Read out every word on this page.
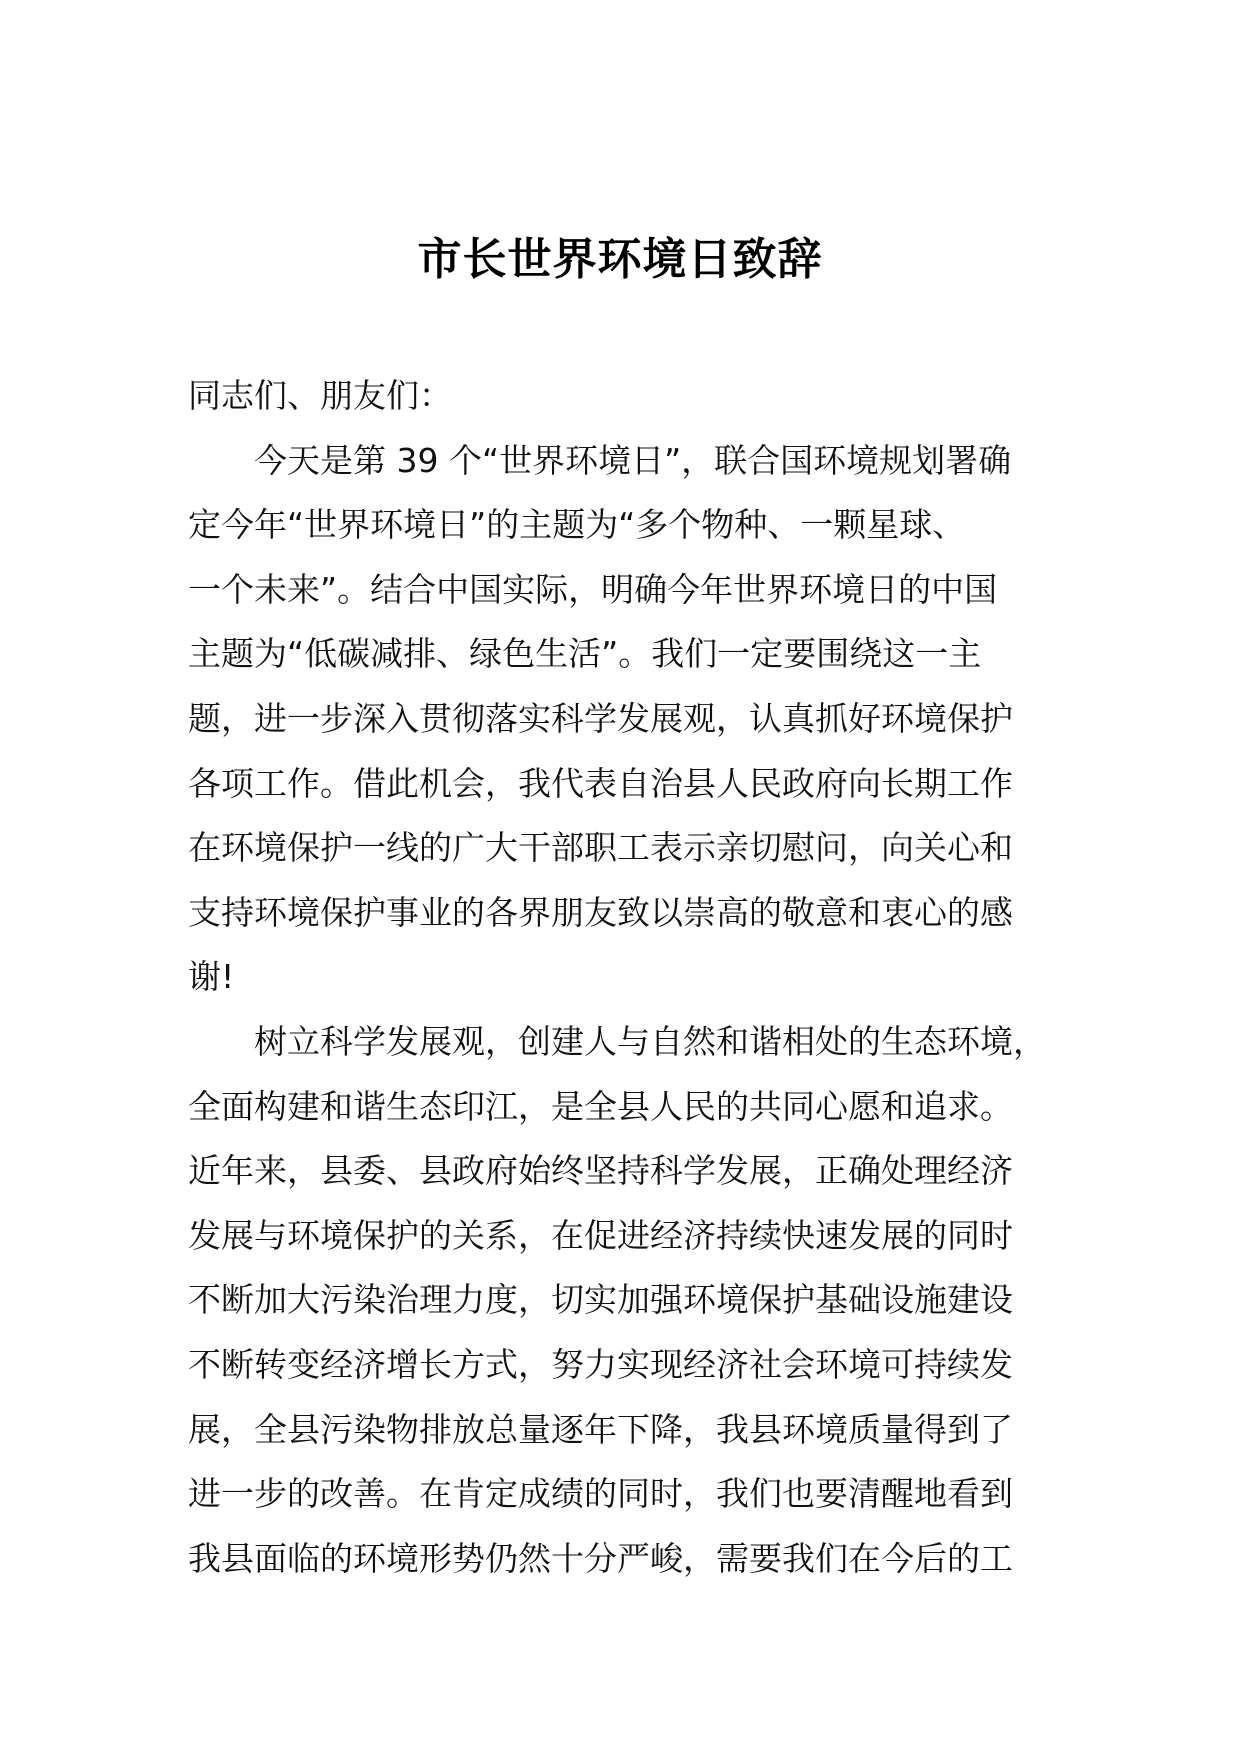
市长世界环境日致辞
同志们、朋友们：
今天是第 39 个“世界环境日”，联合国环境规划署确
定今年“世界环境日”的主题为“多个物种、一颗星球、
一个未来”。结合中国实际，明确今年世界环境日的中国
主题为“低碳减排、绿色生活”。我们一定要围绕这一主
题，进一步深入贯彻落实科学发展观，认真抓好环境保护
各项工作。借此机会，我代表自治县人民政府向长期工作
在环境保护一线的广大干部职工表示亲切慰问，向关心和
支持环境保护事业的各界朋友致以崇高的敬意和衷心的感
谢!
树立科学发展观，创建人与自然和谐相处的生态环境，
全面构建和谐生态印江，是全县人民的共同心愿和追求。
近年来，县委、县政府始终坚持科学发展，正确处理经济
发展与环境保护的关系，在促进经济持续快速发展的同时
不断加大污染治理力度，切实加强环境保护基础设施建设
不断转变经济增长方式，努力实现经济社会环境可持续发
展，全县污染物排放总量逐年下降，我县环境质量得到了
进一步的改善。在肯定成绩的同时，我们也要清醒地看到
我县面临的环境形势仍然十分严峻，需要我们在今后的工
